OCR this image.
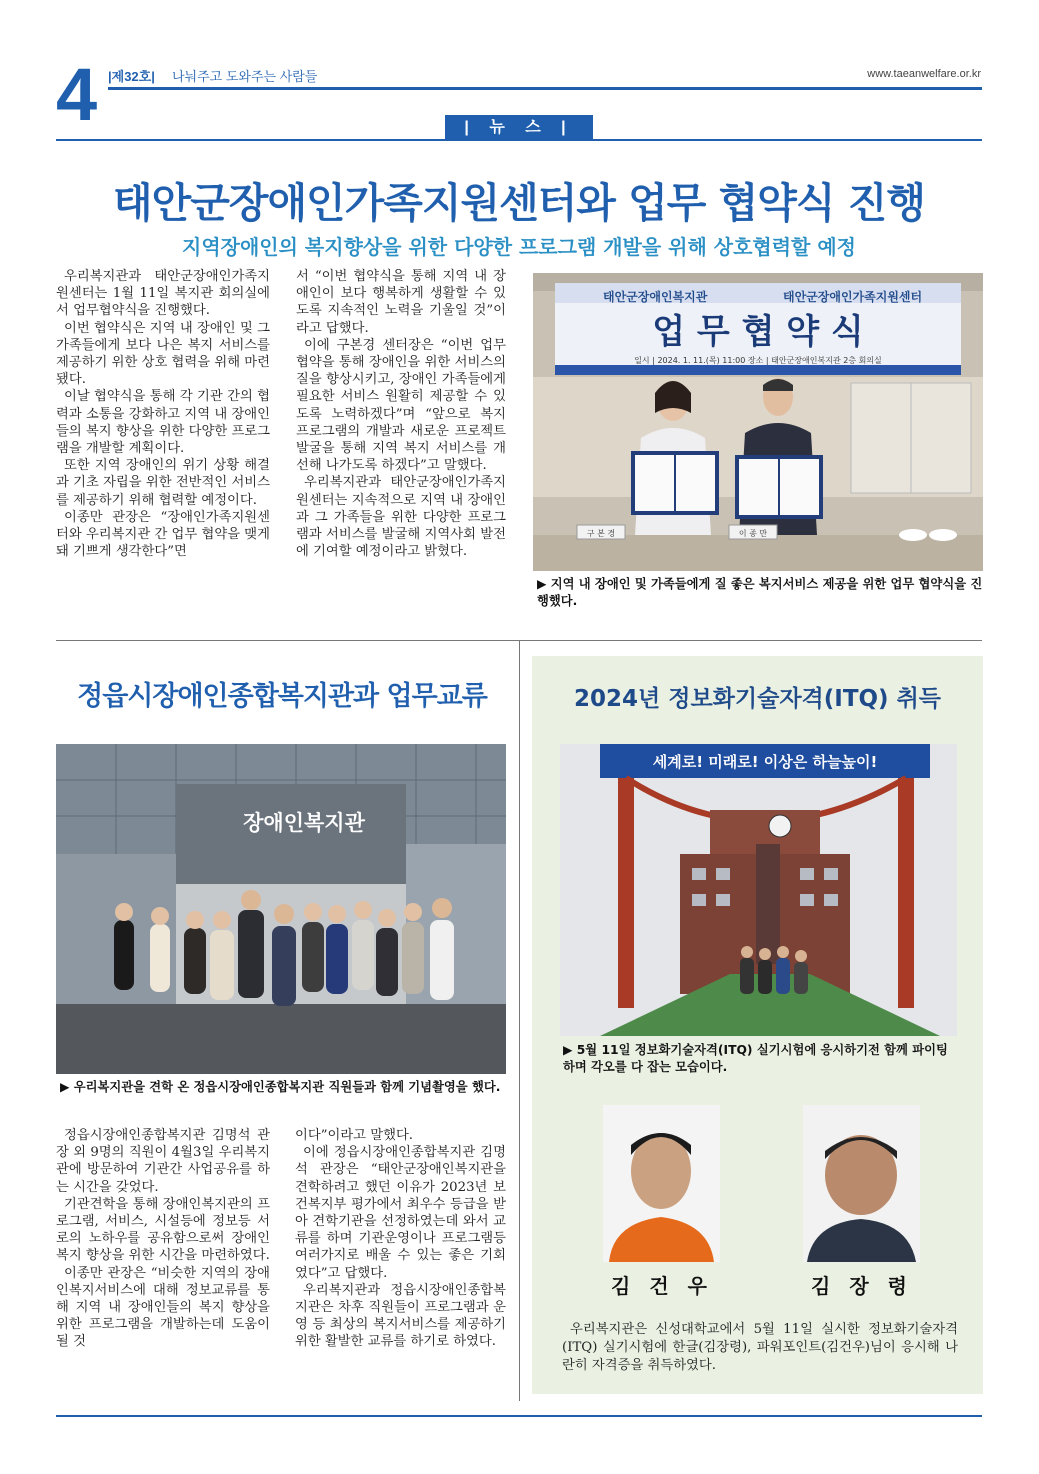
4 |제32호| 나눠주고 도와주는 사람들	www.taeanwelfare.or.kr
| 뉴 스 |
태안군장애인가족지원센터와 업무 협약식 진행
지역장애인의 복지향상을 위한 다양한 프로그램 개발을 위해 상호협력할 예정

우리복지관과 태안군장애인가족지원센터는 1월 11일 복지관 회의실에서 업무협약식을 진행했다.

이번 협약식은 지역 내 장애인 및 그 가족들에게 보다 나은 복지 서비스를 제공하기 위한 상호 협력을 위해 마련됐다.

이날 협약식을 통해 각 기관 간의 협력과 소통을 강화하고 지역 내 장애인들의 복지 향상을 위한 다양한 프로그램을 개발할 계획이다.

또한 지역 장애인의 위기 상황 해결과 기초 자립을 위한 전반적인 서비스를 제공하기 위해 협력할 예정이다.

이종만 관장은 “장애인가족지원센터와 우리복지관 간 업무 협약을 맺게 돼 기쁘게 생각한다”면

서 “이번 협약식을 통해 지역 내 장애인이 보다 행복하게 생활할 수 있도록 지속적인 노력을 기울일 것”이라고 답했다.

이에 구본경 센터장은 “이번 업무협약을 통해 장애인을 위한 서비스의 질을 향상시키고, 장애인 가족들에게 필요한 서비스 원활히 제공할 수 있도록 노력하겠다”며 “앞으로 복지 프로그램의 개발과 새로운 프로젝트 발굴을 통해 지역 복지 서비스를 개선해 나가도록 하겠다”고 말했다.

우리복지관과 태안군장애인가족지원센터는 지속적으로 지역 내 장애인과 그 가족들을 위한 다양한 프로그램과 서비스를 발굴해 지역사회 발전에 기여할 예정이라고 밝혔다.

태안군장애인복지관	태안군장애인가족지원센터
업 무 협 약 식
일시 | 2024. 1. 11.(목) 11:00 장소 | 태안군장애인복지관 2층 회의실
구 본 경	이 종 만
▶ 지역 내 장애인 및 가족들에게 질 좋은 복지서비스 제공을 위한 업무 협약식을 진행했다.
정읍시장애인종합복지관과 업무교류
장애인복지관
▶ 우리복지관을 견학 온 정읍시장애인종합복지관 직원들과 함께 기념촬영을 했다.

정읍시장애인종합복지관 김명석 관장 외 9명의 직원이 4월3일 우리복지관에 방문하여 기관간 사업공유를 하는 시간을 갖었다.

기관견학을 통해 장애인복지관의 프로그램, 서비스, 시설등에 정보등 서로의 노하우를 공유함으로써 장애인복지 향상을 위한 시간을 마련하였다.

이종만 관장은 “비슷한 지역의 장애인복지서비스에 대해 정보교류를 통해 지역 내 장애인들의 복지 향상을 위한 프로그램을 개발하는데 도움이 될 것

이다”이라고 말했다.

이에 정읍시장애인종합복지관 김명석 관장은 “태안군장애인복지관을 견학하려고 했던 이유가 2023년 보건복지부 평가에서 최우수 등급을 받아 견학기관을 선정하였는데 와서 교류를 하며 기관운영이나 프로그램등 여러가지로 배울 수 있는 좋은 기회였다”고 답했다.

우리복지관과 정읍시장애인종합복지관은 차후 직원들이 프로그램과 운영 등 최상의 복지서비스를 제공하기 위한 활발한 교류를 하기로 하였다.

2024년 정보화기술자격(ITQ) 취득
세계로! 미래로! 이상은 하늘높이!
▶ 5월 11일 정보화기술자격(ITQ) 실기시험에 응시하기전 함께 파이팅 하며 각오를 다 잡는 모습이다.
김 건 우	김 장 령

우리복지관은 신성대학교에서 5월 11일 실시한 정보화기술자격(ITQ) 실기시험에 한글(김장령), 파워포인트(김건우)님이 응시해 나란히 자격증을 취득하였다.
